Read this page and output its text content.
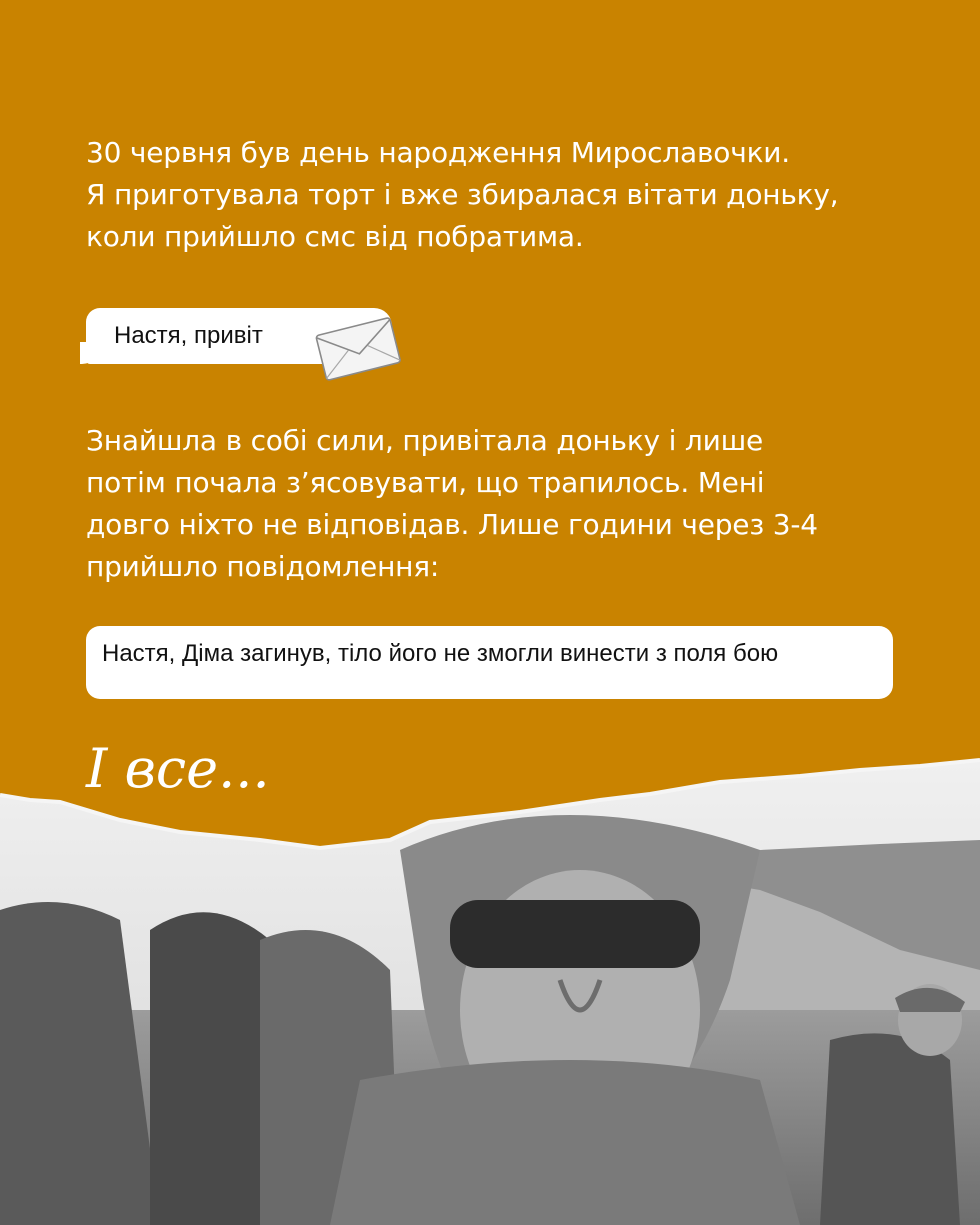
30 червня був день народження Мирославочки.
Я приготувала торт і вже збиралася вітати доньку,
коли прийшло смс від побратима.

Настя, привіт

Знайшла в собі сили, привітала доньку і лише
потім почала з’ясовувати, що трапилось. Мені
довго ніхто не відповідав. Лише години через 3-4
прийшло повідомлення:

Настя, Діма загинув, тіло його не змогли винести з поля бою
І все...
